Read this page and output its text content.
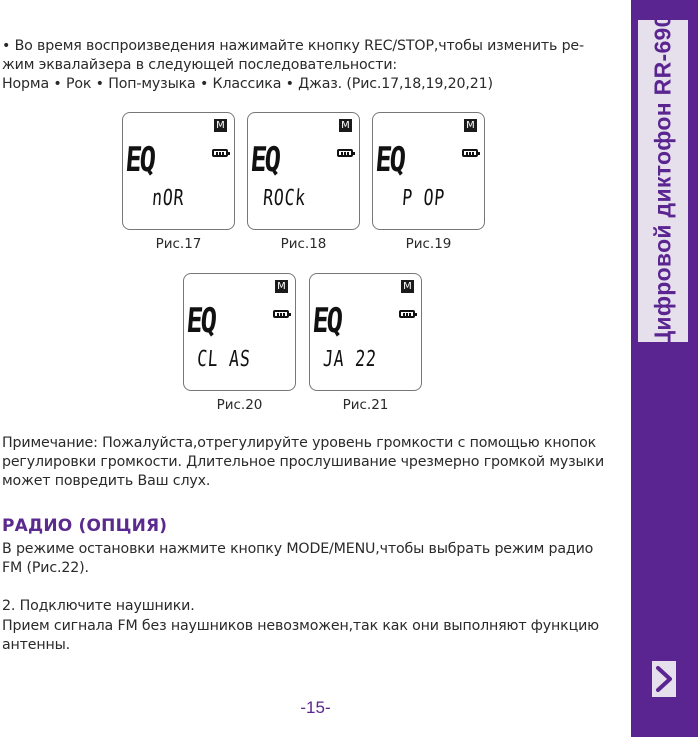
• Во время воспроизведения нажимайте кнопку REC/STOP,чтобы изменить ре-
жим эквалайзера в следующей последовательности:
Норма • Рок • Поп-музыка • Классика • Джаз. (Рис.17,18,19,20,21)
M
EQ
nOR
Рис.17
M
EQ
ROCk
Рис.18
M
EQ
P OP
Рис.19
M
EQ
CL AS
Рис.20
M
EQ
JA 22
Рис.21
Примечание: Пожалуйста,отрегулируйте уровень громкости с помощью кнопок
регулировки громкости. Длительное прослушивание чрезмерно громкой музыки
может повредить Ваш слух.
РАДИО (ОПЦИЯ)
В режиме остановки нажмите кнопку MODE/MENU,чтобы выбрать режим радио
FM (Рис.22).
2. Подключите наушники.
Прием сигнала FM без наушников невозможен,так как они выполняют функцию
антенны.
-15-
Цифровой диктофон RR-690
